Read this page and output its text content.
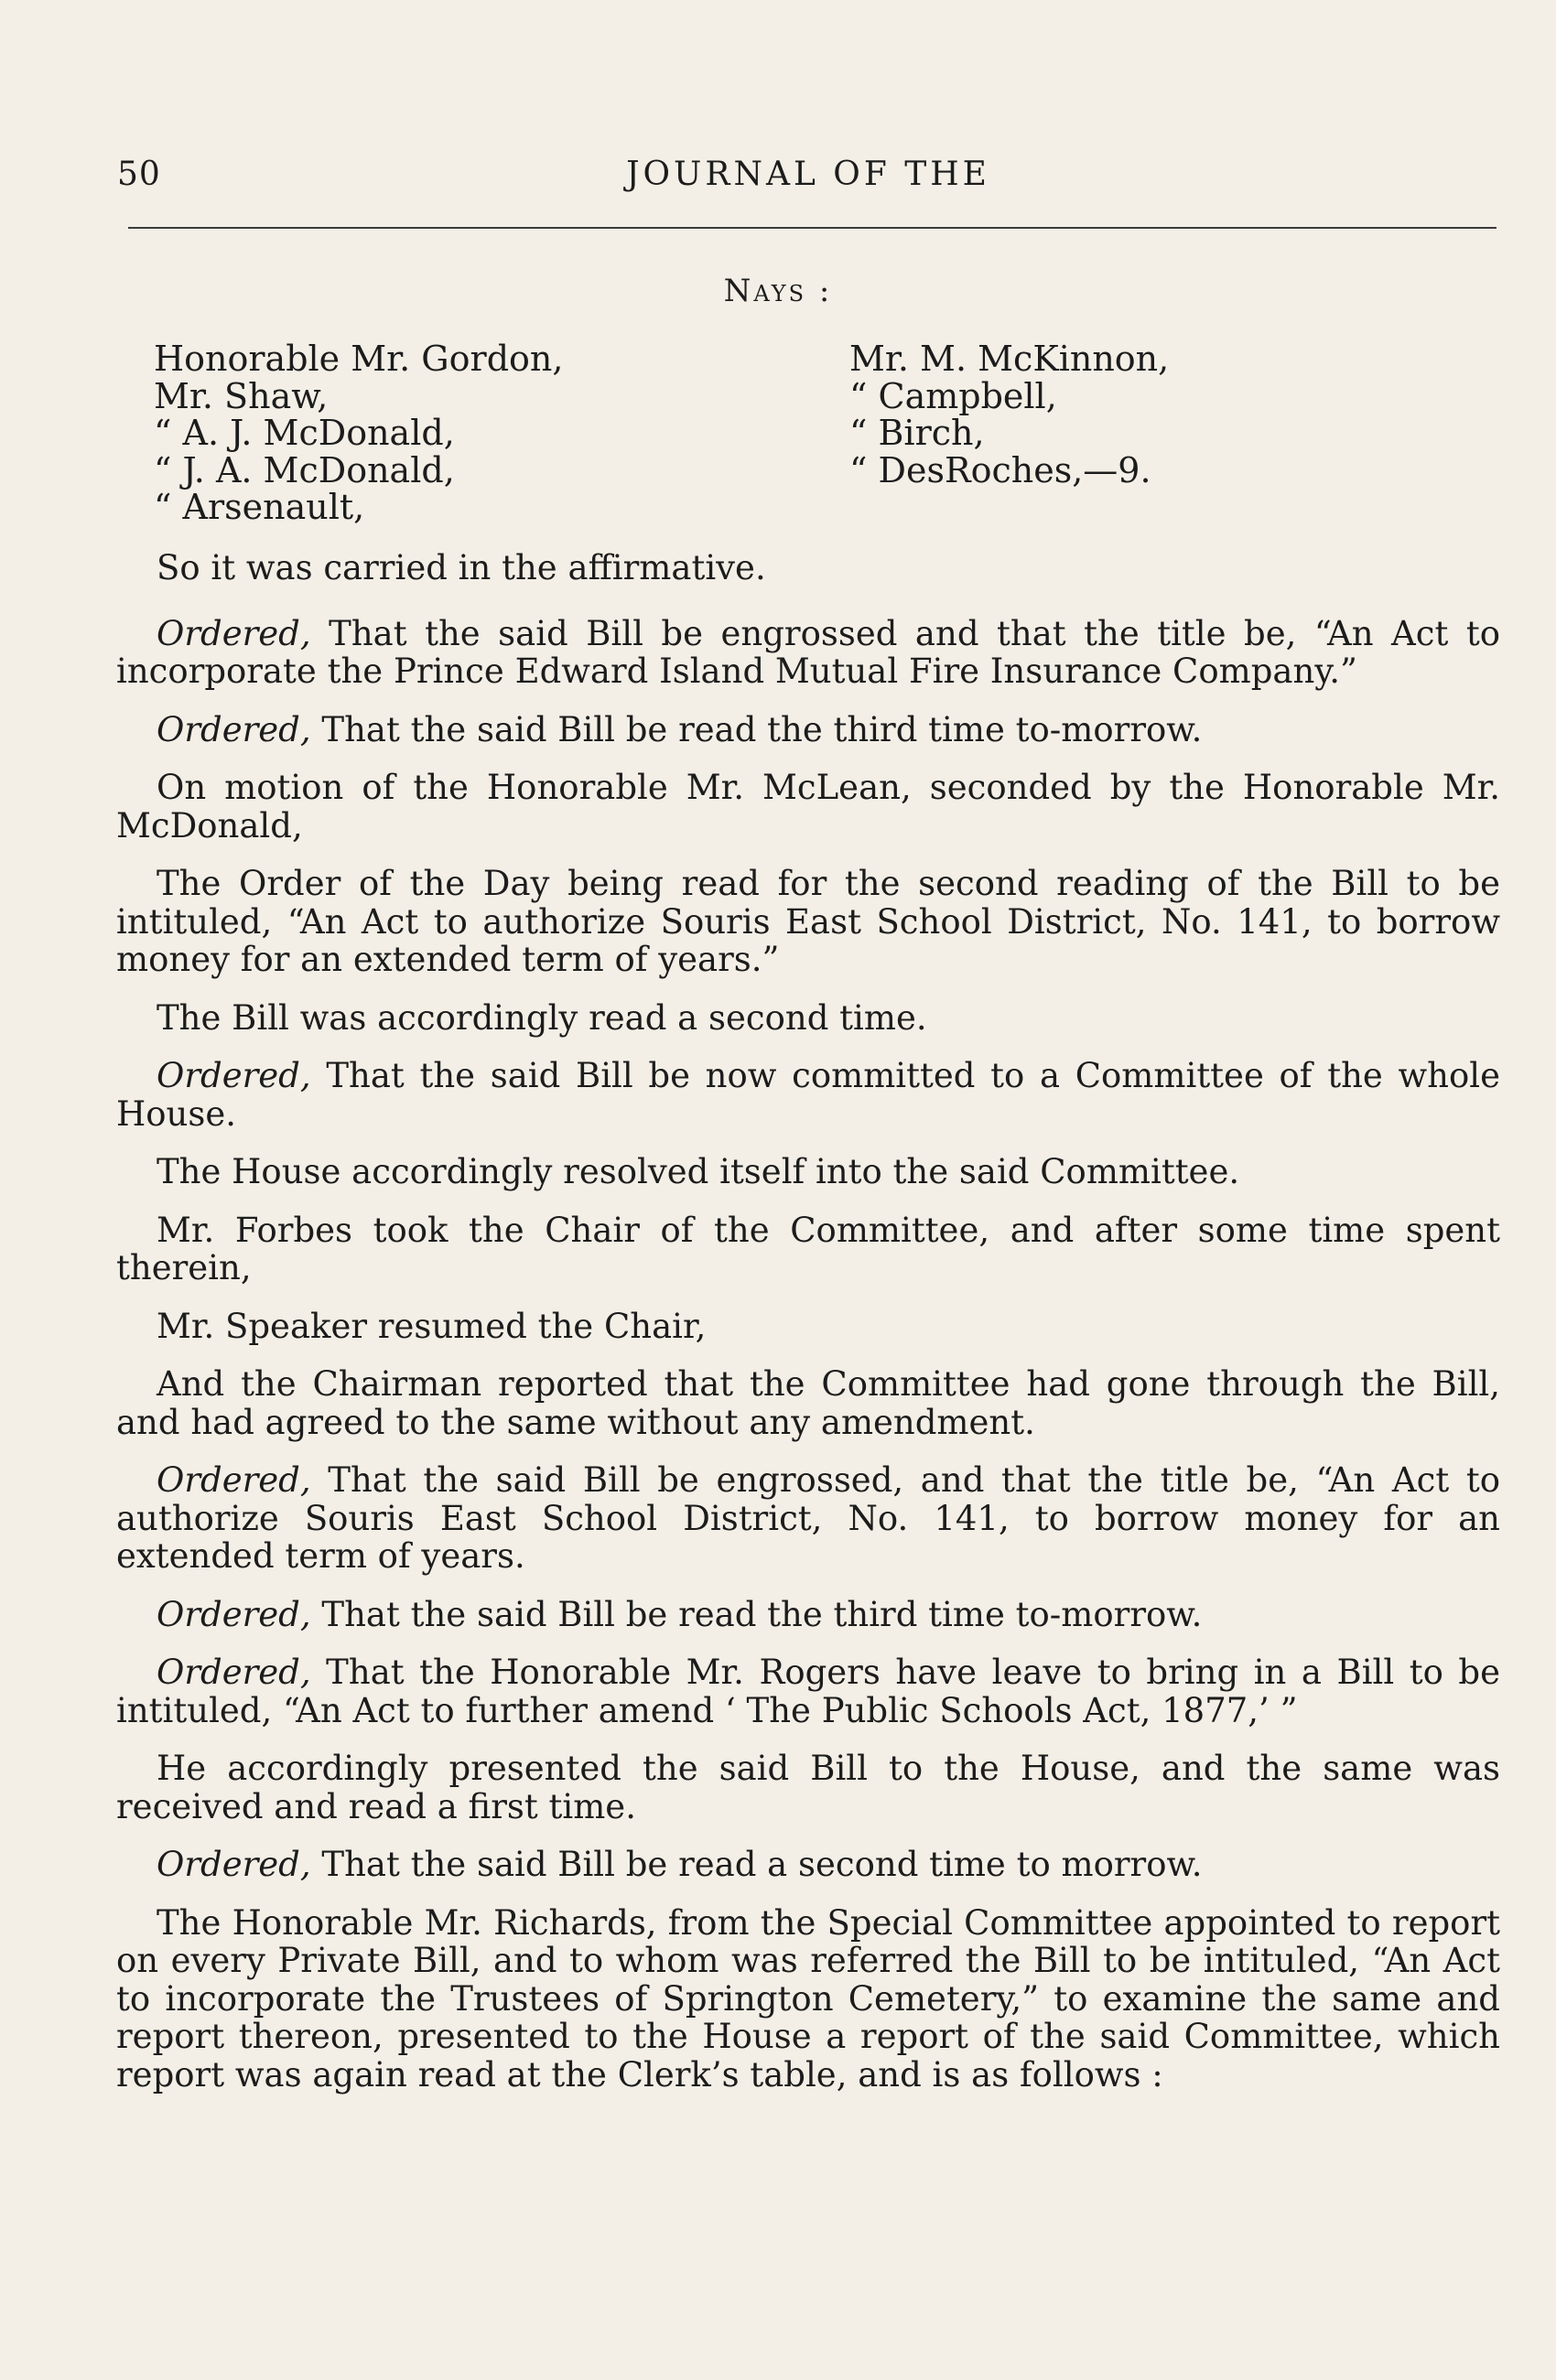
50	JOURNAL OF THE
Nays :
Honorable Mr. Gordon,
Mr. Shaw,
“ A. J. McDonald,
“ J. A. McDonald,
“ Arsenault,
Mr. M. McKinnon,
“ Campbell,
“ Birch,
“ DesRoches,—9.

So it was carried in the affirmative.

Ordered, That the said Bill be engrossed and that the title be, “An Act to incorporate the Prince Edward Island Mutual Fire Insurance Company.”

Ordered, That the said Bill be read the third time to-morrow.

On motion of the Honorable Mr. McLean, seconded by the Honorable Mr. McDonald,

The Order of the Day being read for the second reading of the Bill to be intituled, “An Act to authorize Souris East School District, No. 141, to borrow money for an extended term of years.”

The Bill was accordingly read a second time.

Ordered, That the said Bill be now committed to a Committee of the whole House.

The House accordingly resolved itself into the said Committee.

Mr. Forbes took the Chair of the Committee, and after some time spent therein,

Mr. Speaker resumed the Chair,

And the Chairman reported that the Committee had gone through the Bill, and had agreed to the same without any amendment.

Ordered, That the said Bill be engrossed, and that the title be, “An Act to authorize Souris East School District, No. 141, to borrow money for an extended term of years.

Ordered, That the said Bill be read the third time to-morrow.

Ordered, That the Honorable Mr. Rogers have leave to bring in a Bill to be intituled, “An Act to further amend ‘ The Public Schools Act, 1877,’ ”

He accordingly presented the said Bill to the House, and the same was received and read a first time.

Ordered, That the said Bill be read a second time to morrow.

The Honorable Mr. Richards, from the Special Committee appointed to report on every Private Bill, and to whom was referred the Bill to be intituled, “An Act to incorporate the Trustees of Springton Cemetery,” to examine the same and report thereon, presented to the House a report of the said Committee, which report was again read at the Clerk’s table, and is as follows :
